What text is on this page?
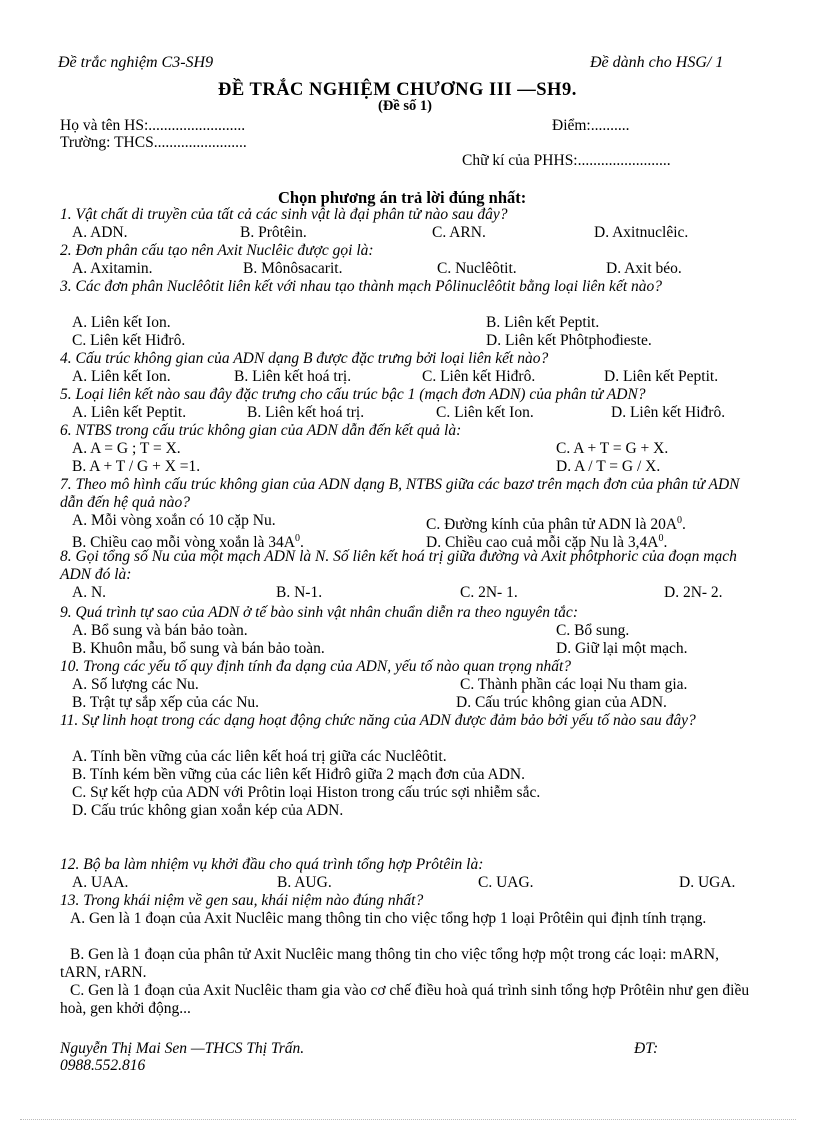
Đề trắc nghiệm C3-SH9	Đề dành cho HSG/ 1
ĐỀ TRẮC NGHIỆM CHƯƠNG III —SH9.
(Đề số 1)
Họ và tên HS:.........................	Điểm:..........
Trường: THCS........................
Chữ kí của PHHS:........................
Chọn phương án trả lời đúng nhất:
1. Vật chất di truyền của tất cả các sinh vật là đại phân tử nào sau đây?
A. ADN.	B. Prôtêin.	C. ARN.	D. Axitnuclêic.
2. Đơn phân cấu tạo nên Axit Nuclêic được gọi là:
A. Axitamin.	B. Mônôsacarit.	C. Nuclêôtit.	D. Axit béo.
3. Các đơn phân Nuclêôtit liên kết với nhau tạo thành mạch Pôlinuclêôtit bằng loại liên kết nào?
A. Liên kết Ion.	B. Liên kết Peptit.
C. Liên kết Hiđrô.	D. Liên kết Phôtphođieste.
4. Cấu trúc không gian của ADN dạng B được đặc trưng bởi loại liên kết nào?
A. Liên kết Ion.	B. Liên kết hoá trị.	C. Liên kết Hiđrô.	D. Liên kết Peptit.
5. Loại liên kết nào sau đây đặc trưng cho cấu trúc bậc 1 (mạch đơn ADN) của phân tử ADN?
A. Liên kết Peptit.	B. Liên kết hoá trị.	C. Liên kết Ion.	D. Liên kết Hiđrô.
6. NTBS trong cấu trúc không gian của ADN dẫn đến kết quả là:
A. A = G ; T = X.	C. A + T = G + X.
B. A + T / G + X =1.	D. A / T = G / X.
7. Theo mô hình cấu trúc không gian của ADN dạng B, NTBS giữa các bazơ trên mạch đơn của phân tử ADN dẫn đến hệ quả nào?
A. Mỗi vòng xoắn có 10 cặp Nu.	C. Đường kính của phân tử ADN là $20A^0$.
B. Chiều cao mỗi vòng xoắn là $34A^0$.	D. Chiều cao cuả mỗi cặp Nu là $3,4A^0$.
8. Gọi tổng số Nu của một mạch ADN là N. Số liên kết hoá trị giữa đường và Axit phôtphoric của đoạn mạch ADN đó là:
A. N.	B. N-1.	C. 2N- 1.	D. 2N- 2.
9. Quá trình tự sao của ADN ở tế bào sinh vật nhân chuẩn diễn ra theo nguyên tắc:
A. Bổ sung và bán bảo toàn.	C. Bổ sung.
B. Khuôn mẫu, bổ sung và bán bảo toàn.	D. Giữ lại một mạch.
10. Trong các yếu tố quy định tính đa dạng của ADN, yếu tố nào quan trọng nhất?
A. Số lượng các Nu.	C. Thành phần các loại Nu tham gia.
B. Trật tự sắp xếp của các Nu.	D. Cấu trúc không gian của ADN.
11. Sự linh hoạt trong các dạng hoạt động chức năng của ADN được đảm bảo bởi yếu tố nào sau đây?
A. Tính bền vững của các liên kết hoá trị giữa các Nuclêôtit.
B. Tính kém bền vững của các liên kết Hiđrô giữa 2 mạch đơn của ADN.
C. Sự kết hợp của ADN với Prôtin loại Histon trong cấu trúc sợi nhiễm sắc.
D. Cấu trúc không gian xoắn kép của ADN.
12. Bộ ba làm nhiệm vụ khởi đầu cho quá trình tổng hợp Prôtêin là:
A. UAA.	B. AUG.	C. UAG.	D. UGA.
13. Trong khái niệm về gen sau, khái niệm nào đúng nhất?
A. Gen là 1 đoạn của Axit Nuclêic mang thông tin cho việc tổng hợp 1 loại Prôtêin qui định tính trạng.
B. Gen là 1 đoạn của phân tử Axit Nuclêic mang thông tin cho việc tổng hợp một trong các loại: mARN, tARN, rARN.
C. Gen là 1 đoạn của Axit Nuclêic tham gia vào cơ chế điều hoà quá trình sinh tổng hợp Prôtêin như gen điều hoà, gen khởi động...
Nguyễn Thị Mai Sen —THCS Thị Trấn.	ĐT:
0988.552.816
